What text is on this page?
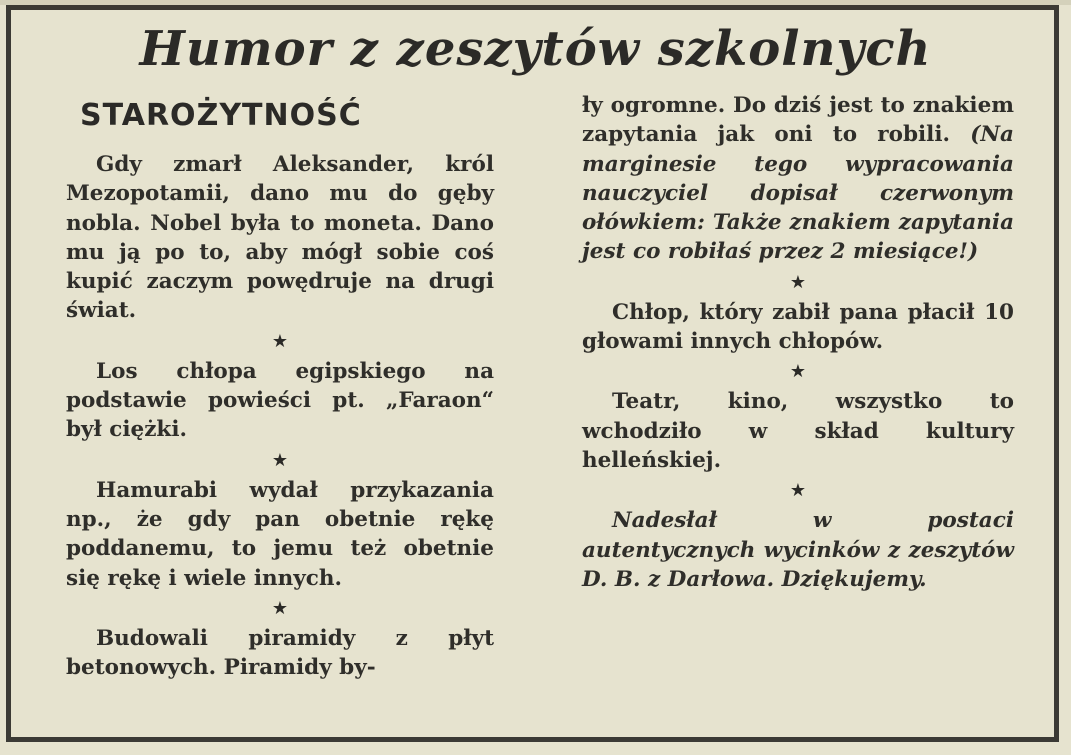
Humor z zeszytów szkolnych
STAROŻYTNOŚĆ

Gdy zmarł Aleksander, król Mezopotamii, dano mu do gęby nobla. Nobel była to moneta. Dano mu ją po to, aby mógł sobie coś kupić zaczym powędruje na drugi świat.

★

Los chłopa egipskiego na podstawie powieści pt. „Faraon“ był ciężki.

★

Hamurabi wydał przykazania np., że gdy pan obetnie rękę poddanemu, to jemu też obetnie się rękę i wiele innych.

★

Budowali piramidy z płyt betonowych. Piramidy by-

ły ogromne. Do dziś jest to znakiem zapytania jak oni to robili. (Na marginesie tego wypracowania nauczyciel dopisał czerwonym ołówkiem: Także znakiem zapytania jest co robiłaś przez 2 miesiące!)

★

Chłop, który zabił pana płacił 10 głowami innych chłopów.

★

Teatr, kino, wszystko to wchodziło w skład kultury helleńskiej.

★

Nadesłał w postaci autentycznych wycinków z zeszytów D. B. z Darłowa. Dziękujemy.
